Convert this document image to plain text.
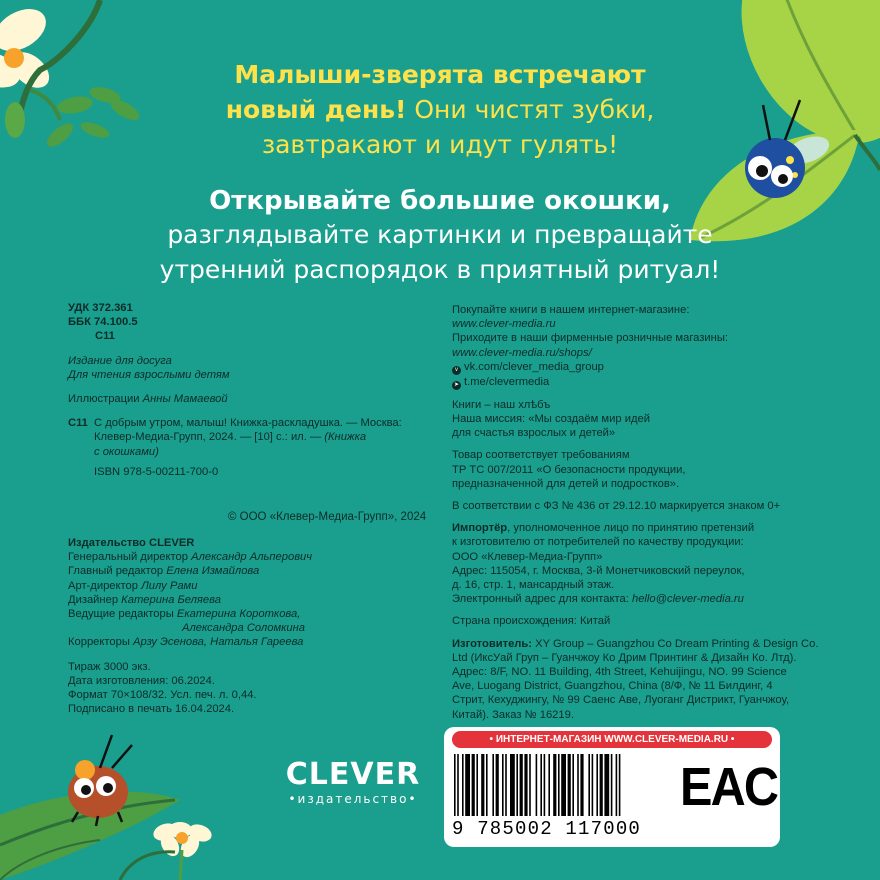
Малыши-зверята встречают
новый день! Они чистят зубки,
завтракают и идут гулять!
Открывайте большие окошки,
разглядывайте картинки и превращайте
утренний распорядок в приятный ритуал!
УДК 372.361
ББК 74.100.5
С11
Издание для досуга
Для чтения взрослыми детям
Иллюстрации Анны Мамаевой
С11 С добрым утром, малыш! Книжка-раскладушка. — Москва:
Клевер-Медиа-Групп, 2024. — [10] с.: ил. — (Книжка
с окошками)
ISBN 978-5-00211-700-0
© ООО «Клевер-Медиа-Групп», 2024
Издательство CLEVER
Генеральный директор Александр Альперович
Главный редактор Елена Измайлова
Арт-директор Лилу Рами
Дизайнер Катерина Беляева
Ведущие редакторы Екатерина Короткова,
Александра Соломкина
Корректоры Арзу Эсенова, Наталья Гареева
Тираж 3000 экз.
Дата изготовления: 06.2024.
Формат 70×108/32. Усл. печ. л. 0,44.
Подписано в печать 16.04.2024.
Покупайте книги в нашем интернет-магазине:
www.clever-media.ru
Приходите в наши фирменные розничные магазины:
www.clever-media.ru/shops/
v vk.com/clever_media_group
➤ t.me/clevermedia
Книги – наш хлѣбъ
Наша миссия: «Мы создаём мир идей
для счастья взрослых и детей»
Товар соответствует требованиям
ТР ТС 007/2011 «О безопасности продукции,
предназначенной для детей и подростков».
В соответствии с ФЗ № 436 от 29.12.10 маркируется знаком 0+
Импортёр, уполномоченное лицо по принятию претензий
к изготовителю от потребителей по качеству продукции:
ООО «Клевер-Медиа-Групп»
Адрес: 115054, г. Москва, 3-й Монетчиковский переулок,
д. 16, стр. 1, мансардный этаж.
Электронный адрес для контакта: hello@clever-media.ru
Страна происхождения: Китай
Изготовитель: XY Group – Guangzhou Co Dream Printing & Design Co.
Ltd (ИксУай Груп – Гуанчжоу Ко Дрим Принтинг & Дизайн Ко. Лтд).
Адрес: 8/F, NO. 11 Building, 4th Street, Kehuijingu, NO. 99 Science
Ave, Luogang District, Guangzhou, China (8/Ф, № 11 Билдинг, 4
Стрит, Кехуджингу, № 99 Саенс Аве, Луоганг Дистрикт, Гуанчжоу,
Китай). Заказ № 16219.
CLEVER
•издательство•
• ИНТЕРНЕТ-МАГАЗИН WWW.CLEVER-MEDIA.RU •
9 785002 117000
EAC
